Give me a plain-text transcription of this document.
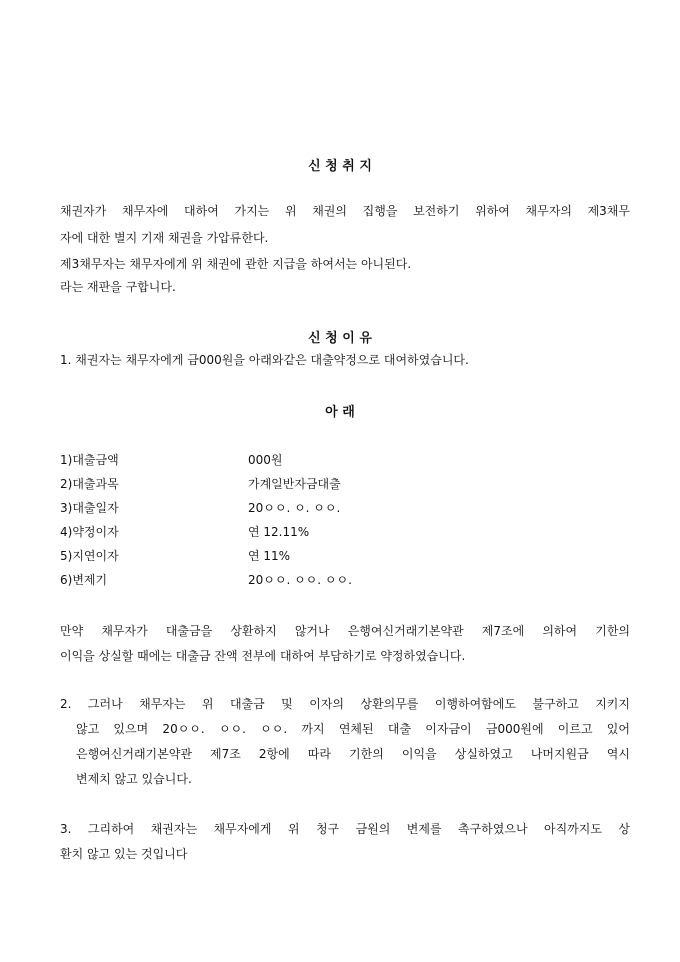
신 청 취 지
채권자가 채무자에 대하여 가지는 위 채권의 집행을 보전하기 위하여 채무자의 제3채무
자에 대한 별지 기재 채권을 가압류한다.
제3채무자는 채무자에게 위 채권에 관한 지급을 하여서는 아니된다.
라는 재판을 구합니다.
신 청 이 유
1. 채권자는 채무자에게 금000원을 아래와같은 대출약정으로 대여하였습니다.
아 래
1)대출금액	000원
2)대출과목	가계일반자금대출
3)대출일자	20ㅇㅇ. ㅇ. ㅇㅇ.
4)약정이자	연 12.11%
5)지연이자	연 11%
6)변제기	20ㅇㅇ. ㅇㅇ. ㅇㅇ.
만약 채무자가 대출금을 상환하지 않거나 은행여신거래기본약관 제7조에 의하여 기한의
이익을 상실할 때에는 대출금 잔액 전부에 대하여 부담하기로 약정하였습니다.
2. 그러나 채무자는 위 대출금 및 이자의 상환의무를 이행하여함에도 불구하고 지키지
않고 있으며 20ㅇㅇ. ㅇㅇ. ㅇㅇ. 까지 연체된 대출 이자금이 금000원에 이르고 있어
은행여신거래기본약관 제7조 2항에 따라 기한의 이익을 상실하였고 나머지원금 역시
변제치 않고 있습니다.
3. 그리하여 채권자는 채무자에게 위 청구 금원의 변제를 촉구하였으나 아직까지도 상
환치 않고 있는 것입니다
